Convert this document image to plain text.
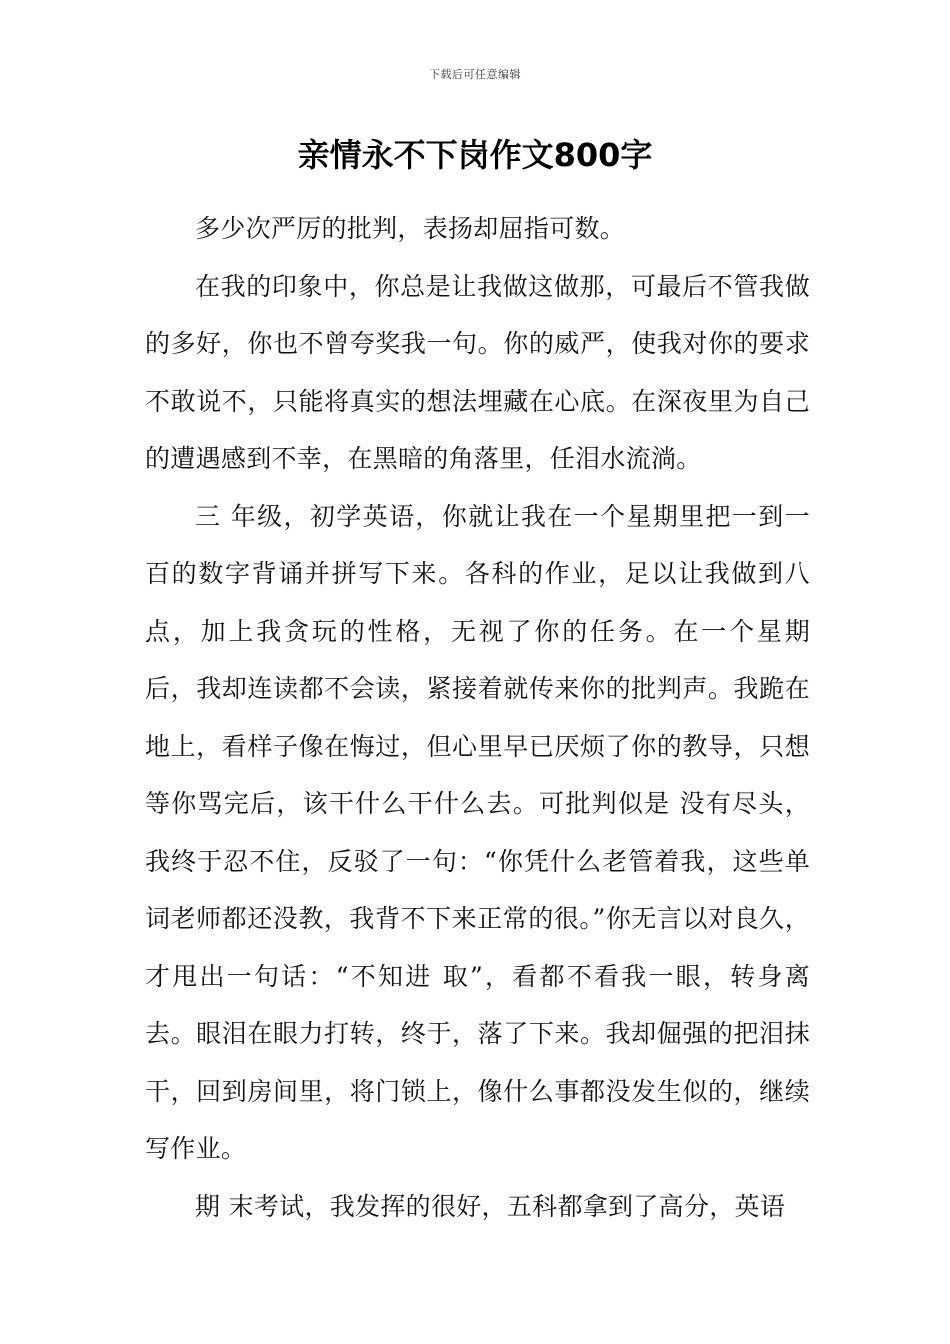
下载后可任意编辑
亲情永不下岗作文800字

多少次严厉的批判，表扬却屈指可数。

在我的印象中，你总是让我做这做那，可最后不管我做的多好，你也不曾夸奖我一句。你的威严，使我对你的要求不敢说不，只能将真实的想法埋藏在心底。在深夜里为自己的遭遇感到不幸，在黑暗的角落里，任泪水流淌。

三 年级，初学英语，你就让我在一个星期里把一到一百的数字背诵并拼写下来。各科的作业，足以让我做到八点，加上我贪玩的性格，无视了你的任务。在一个星期 后，我却连读都不会读，紧接着就传来你的批判声。我跪在地上，看样子像在悔过，但心里早已厌烦了你的教导，只想等你骂完后，该干什么干什么去。可批判似是 没有尽头，我终于忍不住，反驳了一句：“你凭什么老管着我，这些单词老师都还没教，我背不下来正常的很。”你无言以对良久，才甩出一句话：“不知进 取”，看都不看我一眼，转身离去。眼泪在眼力打转，终于，落了下来。我却倔强的把泪抹干，回到房间里，将门锁上，像什么事都没发生似的，继续写作业。

期 末考试，我发挥的很好，五科都拿到了高分，英语
